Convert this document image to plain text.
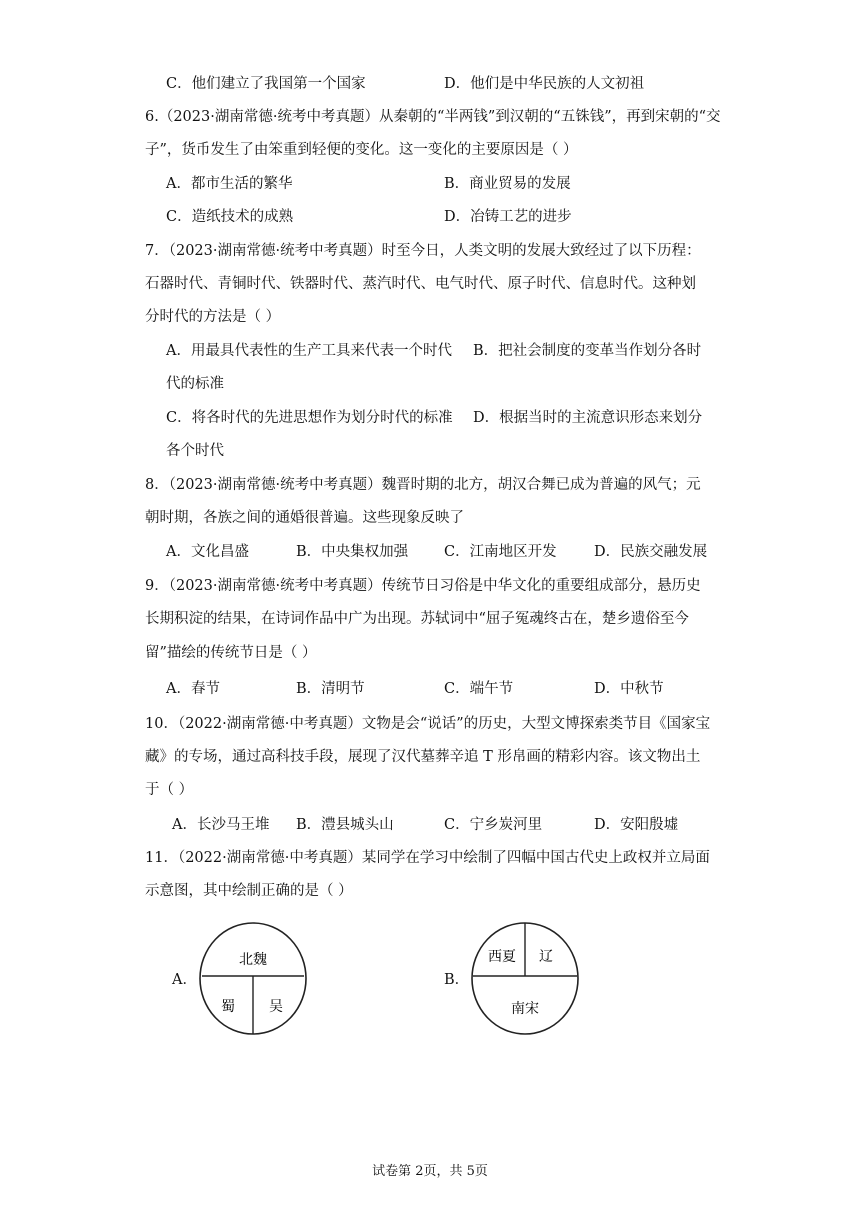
C．他们建立了我国第一个国家	D．他们是中华民族的人文初祖
6.（2023·湖南常德·统考中考真题）从秦朝的“半两钱”到汉朝的“五铢钱”，再到宋朝的“交
子”，货币发生了由笨重到轻便的变化。这一变化的主要原因是（ ）
A．都市生活的繁华	B．商业贸易的发展
C．造纸技术的成熟	D．冶铸工艺的进步
7．（2023·湖南常德·统考中考真题）时至今日，人类文明的发展大致经过了以下历程：
石器时代、青铜时代、铁器时代、蒸汽时代、电气时代、原子时代、信息时代。这种划
分时代的方法是（ ）
A．用最具代表性的生产工具来代表一个时代 B．把社会制度的变革当作划分各时
代的标准
C．将各时代的先进思想作为划分时代的标准 D．根据当时的主流意识形态来划分
各个时代
8．（2023·湖南常德·统考中考真题）魏晋时期的北方，胡汉合舞已成为普遍的风气；元
朝时期，各族之间的通婚很普遍。这些现象反映了
A．文化昌盛	B．中央集权加强 C．江南地区开发	D．民族交融发展
9．（2023·湖南常德·统考中考真题）传统节日习俗是中华文化的重要组成部分，悬历史
长期积淀的结果，在诗词作品中广为出现。苏轼词中“屈子冤魂终古在，楚乡遗俗至今
留”描绘的传统节日是（ ）
A．春节	B．清明节	C．端午节	D．中秋节
10．（2022·湖南常德·中考真题）文物是会“说话”的历史，大型文博探索类节目《国家宝
藏》的专场，通过高科技手段，展现了汉代墓葬辛追 T 形帛画的精彩内容。该文物出土
于（ ）
A．长沙马王堆 B．澧县城头山	C．宁乡炭河里	D．安阳殷墟
11．（2022·湖南常德·中考真题）某同学在学习中绘制了四幅中国古代史上政权并立局面
示意图，其中绘制正确的是（ ）
A．
北魏
蜀 吴
B．
西夏 辽
南宋
试卷第 2页，共 5页
